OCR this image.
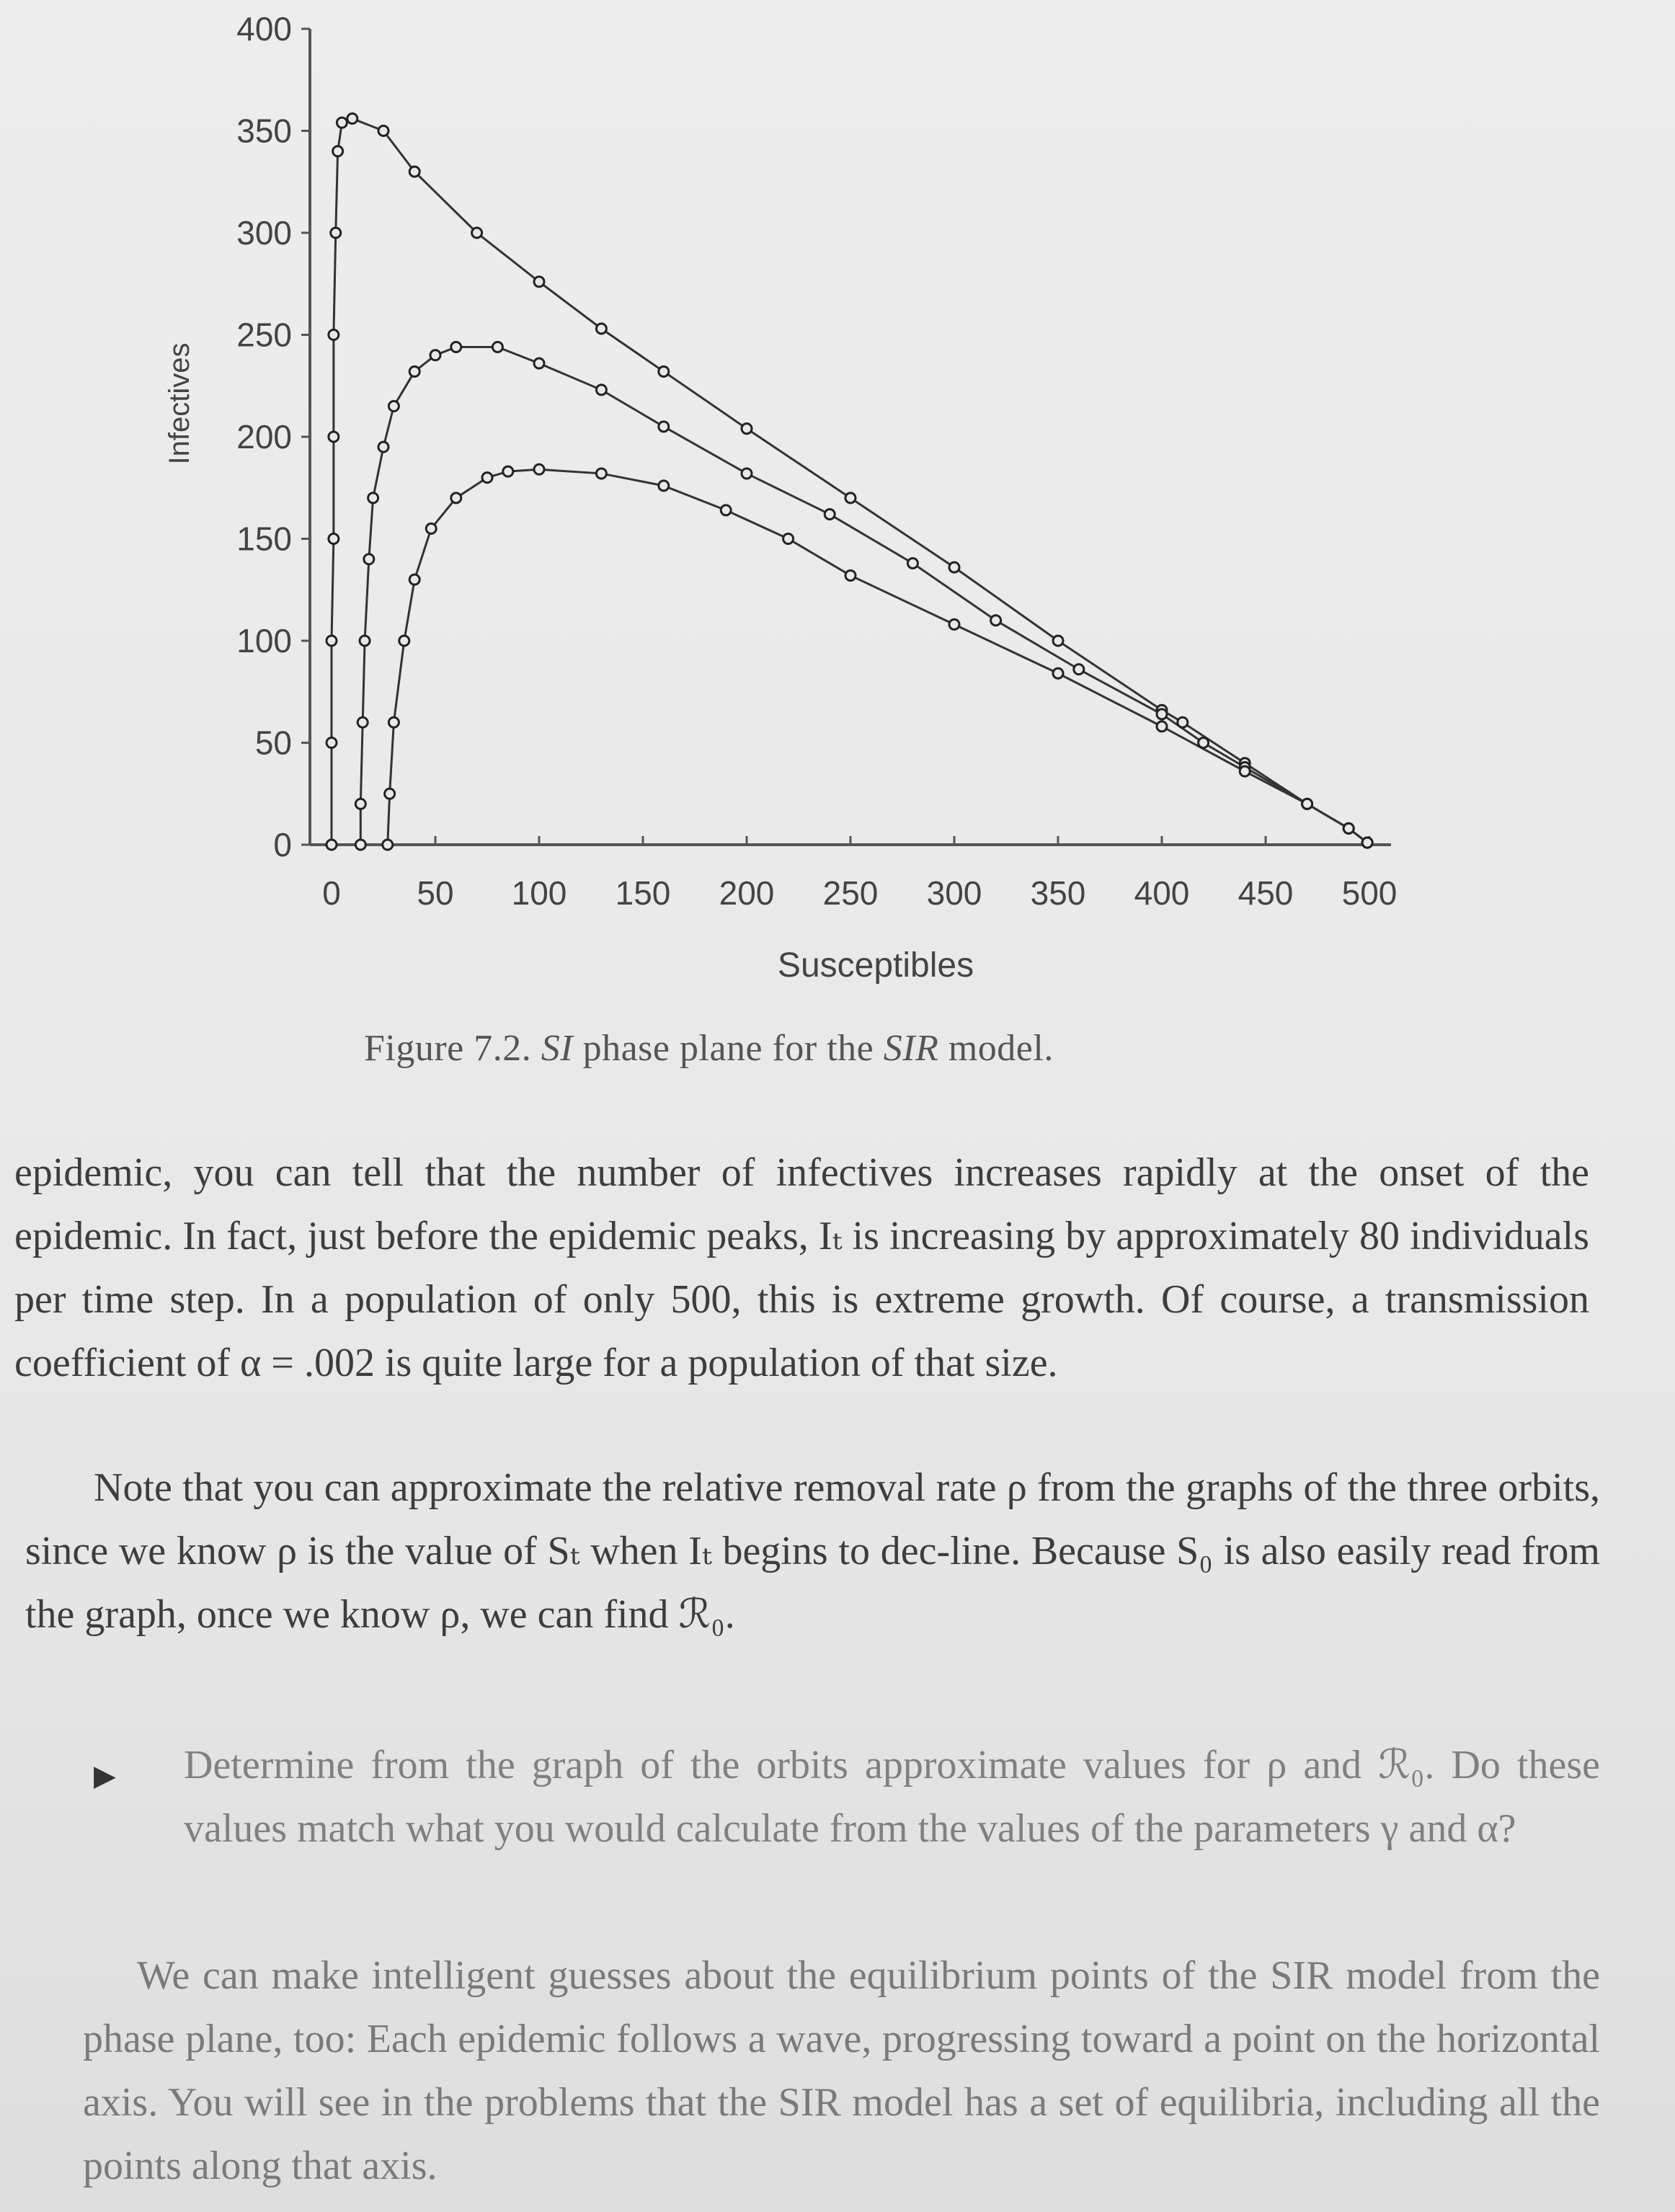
0
50
100
150
200
250
300
350
400
0 50 100 150 200 250 300 350 400 450 500
Susceptibles
Infectives
Figure 7.2. SI phase plane for the SIR model.

epidemic, you can tell that the number of infectives increases rapidly at the onset of the epidemic. In fact, just before the epidemic peaks, Iₜ is increasing by approximately 80 individuals per time step. In a population of only 500, this is extreme growth. Of course, a transmission coefficient of α = .002 is quite large for a population of that size.

Note that you can approximate the relative removal rate ρ from the graphs of the three orbits, since we know ρ is the value of Sₜ when Iₜ begins to dec-line. Because S₀ is also easily read from the graph, once we know ρ, we can find ℛ₀.

▶ Determine from the graph of the orbits approximate values for ρ and ℛ₀. Do these values match what you would calculate from the values of the parameters γ and α?

We can make intelligent guesses about the equilibrium points of the SIR model from the phase plane, too: Each epidemic follows a wave, progressing toward a point on the horizontal axis. You will see in the problems that the SIR model has a set of equilibria, including all the points along that axis.
